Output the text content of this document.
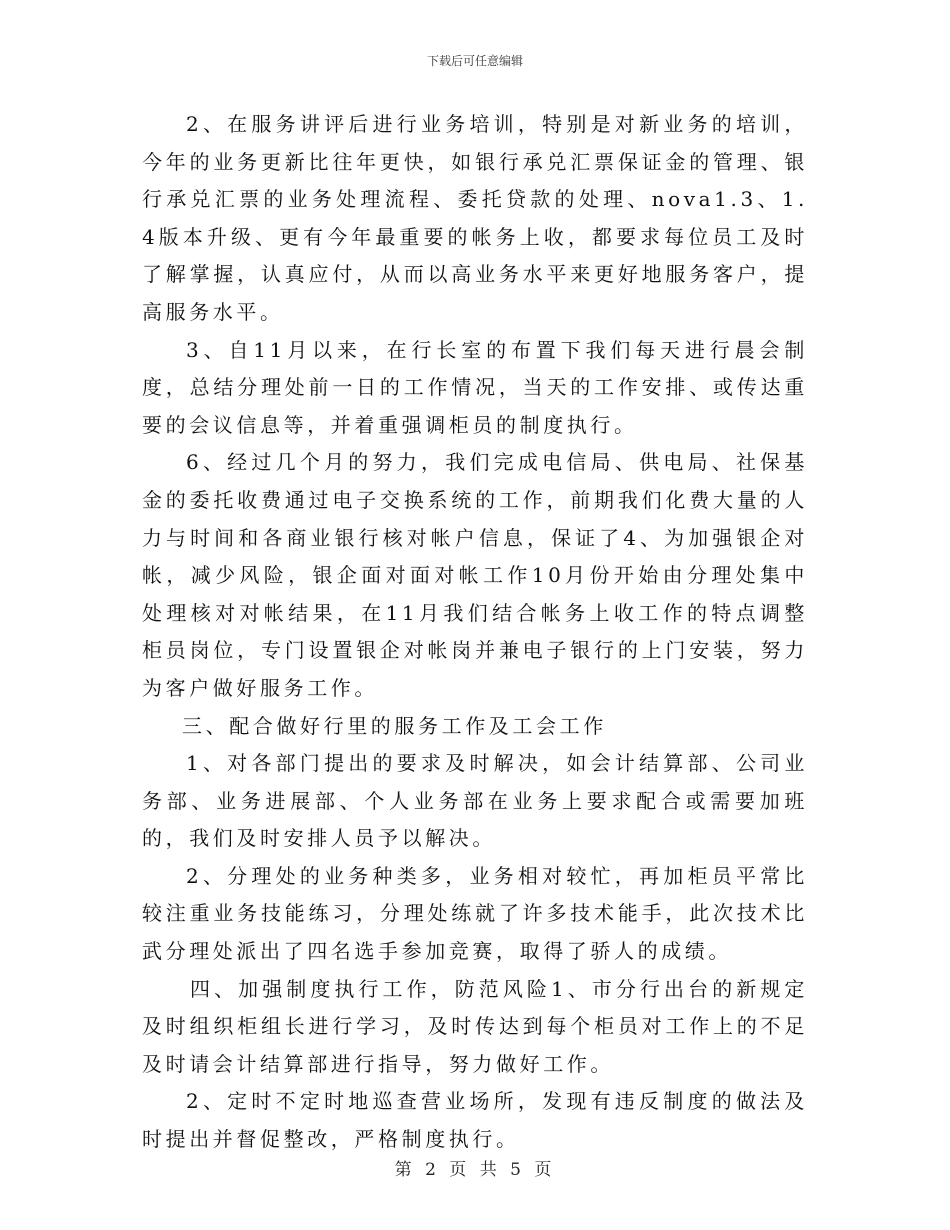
下载后可任意编辑

2、在服务讲评后进行业务培训，特别是对新业务的培训，今年的业务更新比往年更快，如银行承兑汇票保证金的管理、银行承兑汇票的业务处理流程、委托贷款的处理、nova1.3、1.4版本升级、更有今年最重要的帐务上收，都要求每位员工及时了解掌握，认真应付，从而以高业务水平来更好地服务客户，提高服务水平。

3、自11月以来，在行长室的布置下我们每天进行晨会制度，总结分理处前一日的工作情况，当天的工作安排、或传达重要的会议信息等，并着重强调柜员的制度执行。

6、经过几个月的努力，我们完成电信局、供电局、社保基金的委托收费通过电子交换系统的工作，前期我们化费大量的人力与时间和各商业银行核对帐户信息，保证了4、为加强银企对帐，减少风险，银企面对面对帐工作10月份开始由分理处集中处理核对对帐结果，在11月我们结合帐务上收工作的特点调整柜员岗位，专门设置银企对帐岗并兼电子银行的上门安装，努力为客户做好服务工作。

三、配合做好行里的服务工作及工会工作

1、对各部门提出的要求及时解决，如会计结算部、公司业务部、业务进展部、个人业务部在业务上要求配合或需要加班的，我们及时安排人员予以解决。

2、分理处的业务种类多，业务相对较忙，再加柜员平常比较注重业务技能练习，分理处练就了许多技术能手，此次技术比武分理处派出了四名选手参加竞赛，取得了骄人的成绩。

四、加强制度执行工作，防范风险1、市分行出台的新规定及时组织柜组长进行学习，及时传达到每个柜员对工作上的不足及时请会计结算部进行指导，努力做好工作。

2、定时不定时地巡查营业场所，发现有违反制度的做法及时提出并督促整改，严格制度执行。

第 2 页 共 5 页
